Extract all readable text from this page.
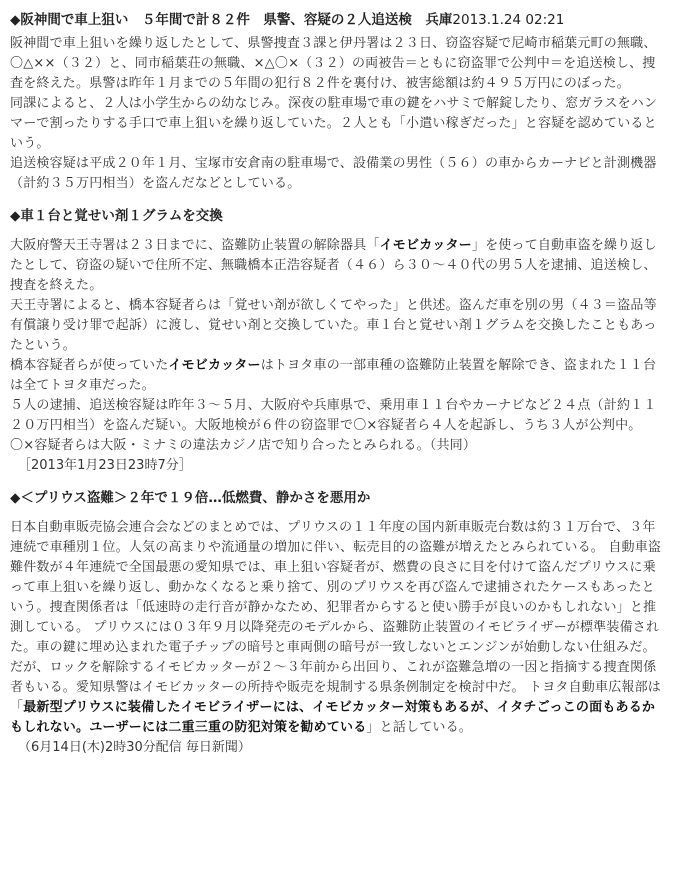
◆阪神間で車上狙い　５年間で計８２件　県警、容疑の２人追送検　兵庫2013.1.24 02:21

阪神間で車上狙いを繰り返したとして、県警捜査３課と伊丹署は２３日、窃盗容疑で尼崎市稲葉元町の無職、〇△××（３２）と、同市稲葉荘の無職、×△〇×（３２）の両被告＝ともに窃盗罪で公判中＝を追送検し、捜査を終えた。県警は昨年１月までの５年間の犯行８２件を裏付け、被害総額は約４９５万円にのぼった。

同課によると、２人は小学生からの幼なじみ。深夜の駐車場で車の鍵をハサミで解錠したり、窓ガラスをハンマーで割ったりする手口で車上狙いを繰り返していた。２人とも「小遣い稼ぎだった」と容疑を認めているという。

追送検容疑は平成２０年１月、宝塚市安倉南の駐車場で、設備業の男性（５６）の車からカーナビと計測機器（計約３５万円相当）を盗んだなどとしている。

◆車１台と覚せい剤１グラムを交換

大阪府警天王寺署は２３日までに、盗難防止装置の解除器具「イモビカッター」を使って自動車盗を繰り返したとして、窃盗の疑いで住所不定、無職橋本正浩容疑者（４６）ら３０～４０代の男５人を逮捕、追送検し、捜査を終えた。

天王寺署によると、橋本容疑者らは「覚せい剤が欲しくてやった」と供述。盗んだ車を別の男（４３＝盗品等有償譲り受け罪で起訴）に渡し、覚せい剤と交換していた。車１台と覚せい剤１グラムを交換したこともあったという。

橋本容疑者らが使っていたイモビカッターはトヨタ車の一部車種の盗難防止装置を解除でき、盗まれた１１台は全てトヨタ車だった。

５人の逮捕、追送検容疑は昨年３～５月、大阪府や兵庫県で、乗用車１１台やカーナビなど２４点（計約１１２０万円相当）を盗んだ疑い。大阪地検が６件の窃盗罪で〇×容疑者ら４人を起訴し、うち３人が公判中。

〇×容疑者らは大阪・ミナミの違法カジノ店で知り合ったとみられる。（共同）

［2013年1月23日23時7分］

◆＜プリウス盗難＞２年で１９倍…低燃費、静かさを悪用か

日本自動車販売協会連合会などのまとめでは、プリウスの１１年度の国内新車販売台数は約３１万台で、３年連続で車種別１位。人気の高まりや流通量の増加に伴い、転売目的の盗難が増えたとみられている。 自動車盗難件数が４年連続で全国最悪の愛知県では、車上狙い容疑者が、燃費の良さに目を付けて盗んだプリウスに乗って車上狙いを繰り返し、動かなくなると乗り捨て、別のプリウスを再び盗んで逮捕されたケースもあったという。捜査関係者は「低速時の走行音が静かなため、犯罪者からすると使い勝手が良いのかもしれない」と推測している。 プリウスには０３年９月以降発売のモデルから、盗難防止装置のイモビライザーが標準装備された。車の鍵に埋め込まれた電子チップの暗号と車両側の暗号が一致しないとエンジンが始動しない仕組みだ。だが、ロックを解除するイモビカッターが２～３年前から出回り、これが盗難急増の一因と指摘する捜査関係者もいる。愛知県警はイモビカッターの所持や販売を規制する県条例制定を検討中だ。 トヨタ自動車広報部は「最新型プリウスに装備したイモビライザーには、イモビカッター対策もあるが、イタチごっこの面もあるかもしれない。ユーザーには二重三重の防犯対策を勧めている」と話している。

（6月14日(木)2時30分配信 毎日新聞）
